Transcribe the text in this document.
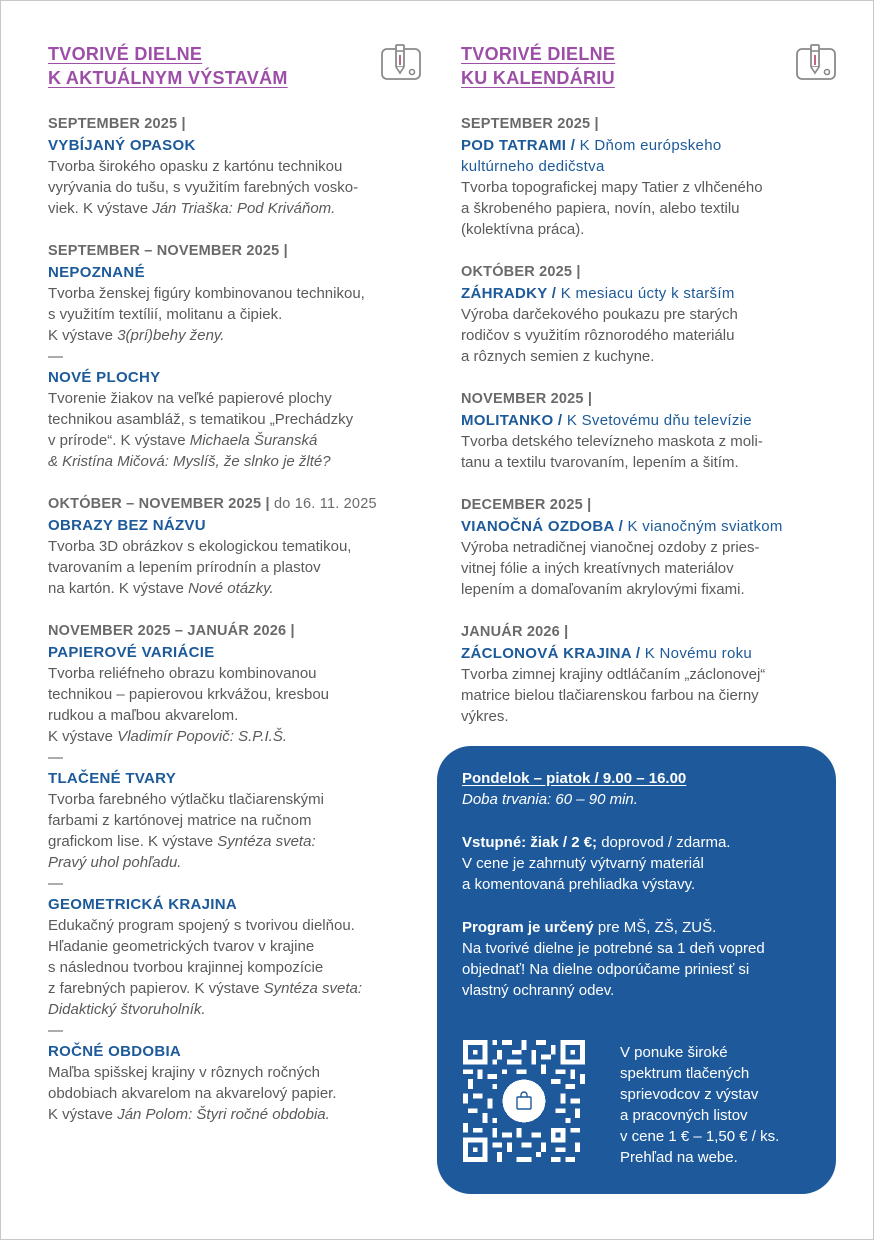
TVORIVÉ DIELNE
K AKTUÁLNYM VÝSTAVÁM
SEPTEMBER 2025 |
VYBÍJANÝ OPASOK
Tvorba širokého opasku z kartónu technikou
vyrývania do tušu, s využitím farebných vosko-
viek. K výstave Ján Triaška: Pod Kriváňom.
SEPTEMBER – NOVEMBER 2025 |
NEPOZNANÉ
Tvorba ženskej figúry kombinovanou technikou,
s využitím textílií, molitanu a čipiek.
K výstave 3(prí)behy ženy.
—
NOVÉ PLOCHY
Tvorenie žiakov na veľké papierové plochy
technikou asambláž, s tematikou „Prechádzky
v prírode“. K výstave Michaela Šuranská
& Kristína Mičová: Myslíš, že slnko je žlté?
OKTÓBER – NOVEMBER 2025 | do 16. 11. 2025
OBRAZY BEZ NÁZVU
Tvorba 3D obrázkov s ekologickou tematikou,
tvarovaním a lepením prírodnín a plastov
na kartón. K výstave Nové otázky.
NOVEMBER 2025 – JANUÁR 2026 |
PAPIEROVÉ VARIÁCIE
Tvorba reliéfneho obrazu kombinovanou
technikou – papierovou krkvážou, kresbou
rudkou a maľbou akvarelom.
K výstave Vladimír Popovič: S.P.I.Š.
—
TLAČENÉ TVARY
Tvorba farebného výtlačku tlačiarenskými
farbami z kartónovej matrice na ručnom
grafickom lise. K výstave Syntéza sveta:
Pravý uhol pohľadu.
—
GEOMETRICKÁ KRAJINA
Edukačný program spojený s tvorivou dielňou.
Hľadanie geometrických tvarov v krajine
s následnou tvorbou krajinnej kompozície
z farebných papierov. K výstave Syntéza sveta:
Didaktický štvoruholník.
—
ROČNÉ OBDOBIA
Maľba spišskej krajiny v rôznych ročných
obdobiach akvarelom na akvarelový papier.
K výstave Ján Polom: Štyri ročné obdobia.
TVORIVÉ DIELNE
KU KALENDÁRIU
SEPTEMBER 2025 |
POD TATRAMI / K Dňom európskeho
kultúrneho dedičstva
Tvorba topografickej mapy Tatier z vlhčeného
a škrobeného papiera, novín, alebo textilu
(kolektívna práca).
OKTÓBER 2025 |
ZÁHRADKY / K mesiacu úcty k starším
Výroba darčekového poukazu pre starých
rodičov s využitím rôznorodého materiálu
a rôznych semien z kuchyne.
NOVEMBER 2025 |
MOLITANKO / K Svetovému dňu televízie
Tvorba detského televízneho maskota z moli-
tanu a textilu tvarovaním, lepením a šitím.
DECEMBER 2025 |
VIANOČNÁ OZDOBA / K vianočným sviatkom
Výroba netradičnej vianočnej ozdoby z pries-
vitnej fólie a iných kreatívnych materiálov
lepením a domaľovaním akrylovými fixami.
JANUÁR 2026 |
ZÁCLONOVÁ KRAJINA / K Novému roku
Tvorba zimnej krajiny odtláčaním „záclonovej“
matrice bielou tlačiarenskou farbou na čierny
výkres.
Pondelok – piatok / 9.00 – 16.00
Doba trvania: 60 – 90 min.
Vstupné: žiak / 2 €; doprovod / zdarma.
V cene je zahrnutý výtvarný materiál
a komentovaná prehliadka výstavy.
Program je určený pre MŠ, ZŠ, ZUŠ.
Na tvorivé dielne je potrebné sa 1 deň vopred
objednať! Na dielne odporúčame priniesť si
vlastný ochranný odev.
V ponuke široké
spektrum tlačených
sprievodcov z výstav
a pracovných listov
v cene 1 € – 1,50 € / ks.
Prehľad na webe.
